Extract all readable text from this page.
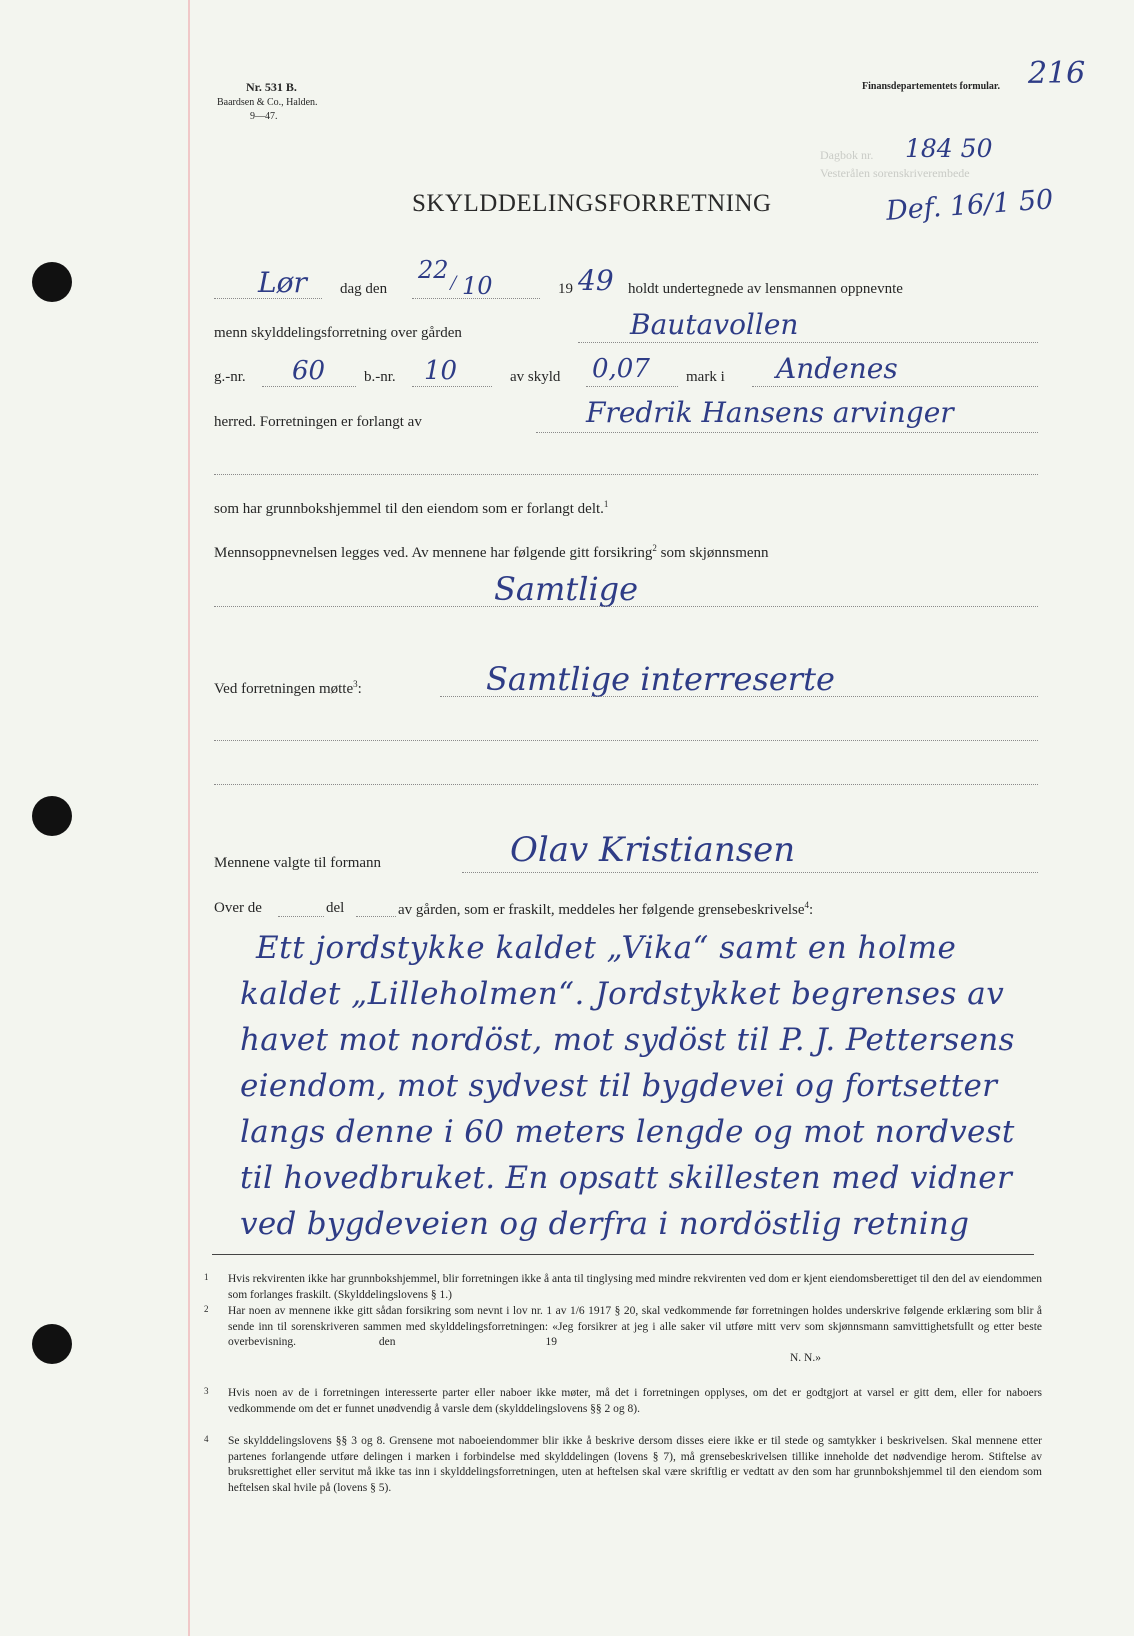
Nr. 531 B.
Baardsen & Co., Halden.
9—47.
Finansdepartementets formular. 216
Dagbok nr.
Vesterålen sorenskriverembede
184 50
Def. 16/1 50
SKYLDDELINGSFORRETNING
Lør dag den
22 / 10	19 49 holdt undertegnede av lensmannen oppnevnte
menn skylddelingsforretning over gården	Bautavollen
g.-nr. 60	b.-nr. 10	av skyld 0,07 mark i Andenes
herred. Forretningen er forlangt av	Fredrik Hansens arvinger
som har grunnbokshjemmel til den eiendom som er forlangt delt.$^1$
Mennsoppnevnelsen legges ved. Av mennene har følgende gitt forsikring$^2$ som skjønnsmenn
Samtlige
Ved forretningen møtte$^3$:	Samtlige interreserte
Mennene valgte til formann	Olav Kristiansen
Over de	del	av gården, som er fraskilt, meddeles her følgende grensebeskrivelse$^4$:
Ett jordstykke kaldet „Vika“ samt en holme
kaldet „Lilleholmen“. Jordstykket begrenses av
havet mot nordöst, mot sydöst til P. J. Pettersens
eiendom, mot sydvest til bygdevei og fortsetter
langs denne i 60 meters lengde og mot nordvest
til hovedbruket. En opsatt skillesten med vidner
ved bygdeveien og derfra i nordöstlig retning
1	Hvis rekvirenten ikke har grunnbokshjemmel, blir forretningen ikke å anta til tinglysing med mindre rekvirenten ved dom er kjent eiendomsberettiget til den del av eiendommen som forlanges fraskilt. (Skylddelingslovens § 1.)
2	Har noen av mennene ikke gitt sådan forsikring som nevnt i lov nr. 1 av 1/6 1917 § 20, skal vedkommende før forretningen holdes underskrive følgende erklæring som blir å sende inn til sorenskriveren sammen med skylddelingsforretningen: «Jeg forsikrer at jeg i alle saker vil utføre mitt verv som skjønnsmann samvittighetsfullt og etter beste overbevisning.	den	19
N. N.»
3	Hvis noen av de i forretningen interesserte parter eller naboer ikke møter, må det i forretningen opplyses, om det er godtgjort at varsel er gitt dem, eller for naboers vedkommende om det er funnet unødvendig å varsle dem (skylddelingslovens §§ 2 og 8).
4	Se skylddelingslovens §§ 3 og 8. Grensene mot naboeiendommer blir ikke å beskrive dersom disses eiere ikke er til stede og samtykker i beskrivelsen. Skal mennene etter partenes forlangende utføre delingen i marken i forbindelse med skylddelingen (lovens § 7), må grensebeskrivelsen tillike inneholde det nødvendige herom. Stiftelse av bruksrettighet eller servitut må ikke tas inn i skylddelingsforretningen, uten at heftelsen skal være skriftlig er vedtatt av den som har grunnbokshjemmel til den eiendom som heftelsen skal hvile på (lovens § 5).
